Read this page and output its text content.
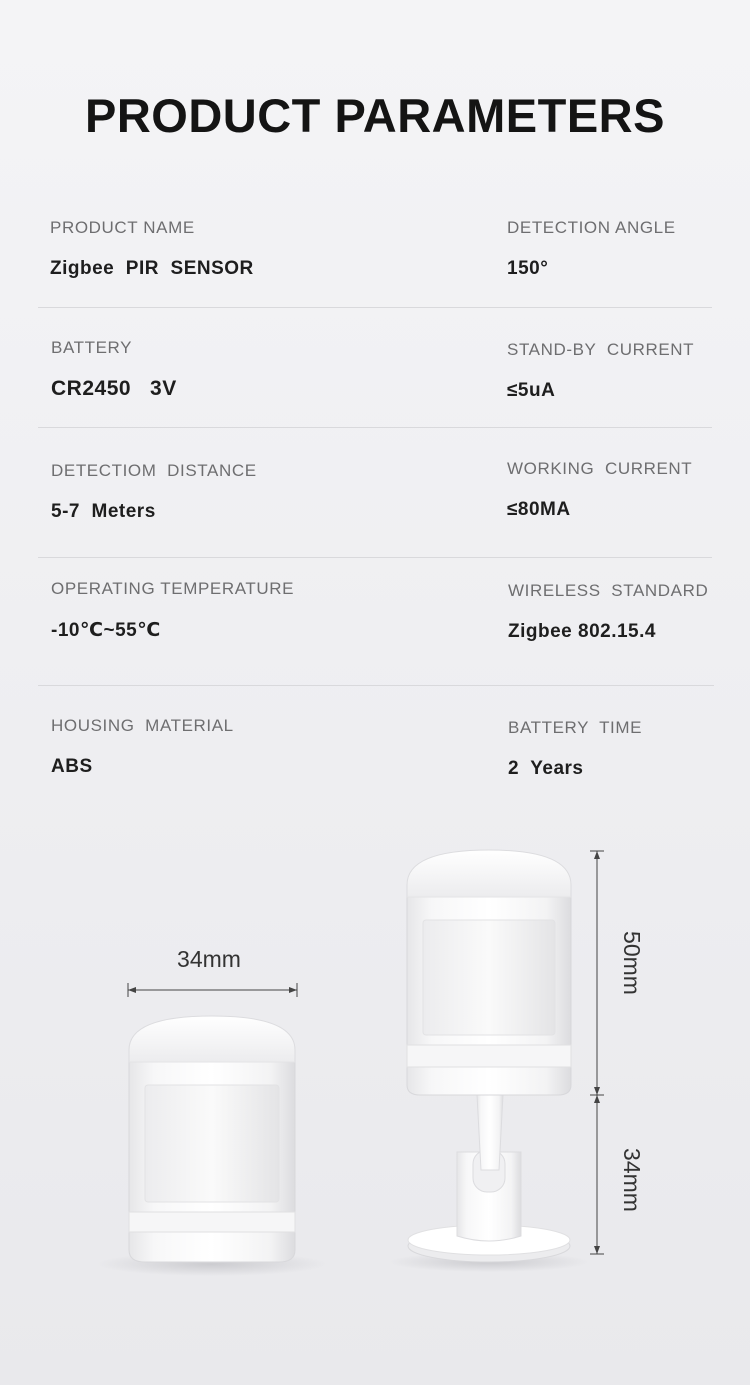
PRODUCT PARAMETERS
PRODUCT NAME
Zigbee  PIR  SENSOR
DETECTION ANGLE
150°
BATTERY
CR2450   3V
STAND-BY  CURRENT
≤5uA
DETECTIOM  DISTANCE
5-7  Meters
WORKING  CURRENT
≤80MA
OPERATING TEMPERATURE
-10℃~55℃
WIRELESS  STANDARD
Zigbee 802.15.4
HOUSING  MATERIAL
ABS
BATTERY  TIME
2  Years
34mm	50mm
34mm
